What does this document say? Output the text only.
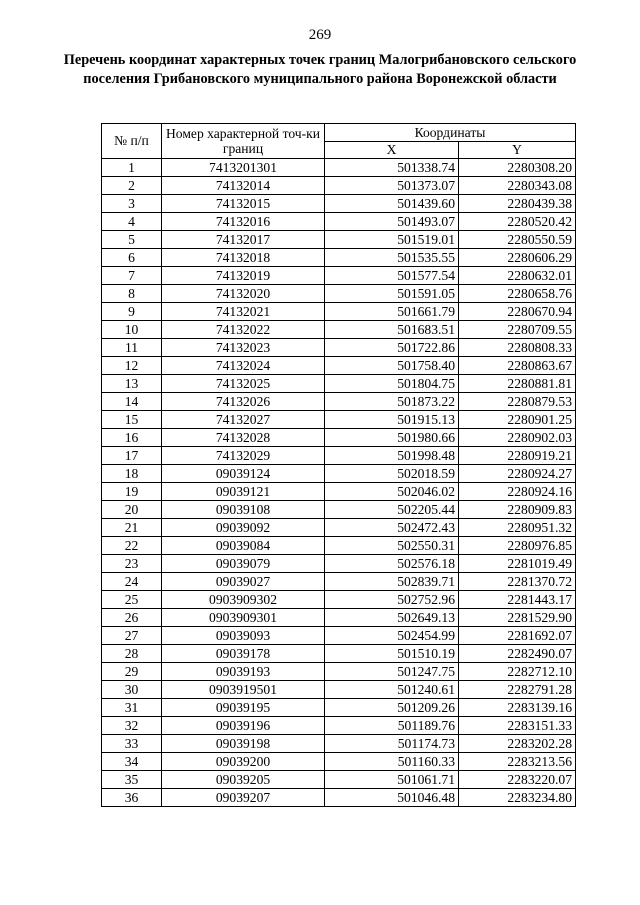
269
Перечень координат характерных точек границ Малогрибановского сельского поселения Грибановского муниципального района Воронежской области
№ п/п	Номер характерной точ-ки границ	Координаты	
		X	Y
1	7413201301	501338.74	2280308.20
2	74132014	501373.07	2280343.08
3	74132015	501439.60	2280439.38
4	74132016	501493.07	2280520.42
5	74132017	501519.01	2280550.59
6	74132018	501535.55	2280606.29
7	74132019	501577.54	2280632.01
8	74132020	501591.05	2280658.76
9	74132021	501661.79	2280670.94
10	74132022	501683.51	2280709.55
11	74132023	501722.86	2280808.33
12	74132024	501758.40	2280863.67
13	74132025	501804.75	2280881.81
14	74132026	501873.22	2280879.53
15	74132027	501915.13	2280901.25
16	74132028	501980.66	2280902.03
17	74132029	501998.48	2280919.21
18	09039124	502018.59	2280924.27
19	09039121	502046.02	2280924.16
20	09039108	502205.44	2280909.83
21	09039092	502472.43	2280951.32
22	09039084	502550.31	2280976.85
23	09039079	502576.18	2281019.49
24	09039027	502839.71	2281370.72
25	0903909302	502752.96	2281443.17
26	0903909301	502649.13	2281529.90
27	09039093	502454.99	2281692.07
28	09039178	501510.19	2282490.07
29	09039193	501247.75	2282712.10
30	0903919501	501240.61	2282791.28
31	09039195	501209.26	2283139.16
32	09039196	501189.76	2283151.33
33	09039198	501174.73	2283202.28
34	09039200	501160.33	2283213.56
35	09039205	501061.71	2283220.07
36	09039207	501046.48	2283234.80
